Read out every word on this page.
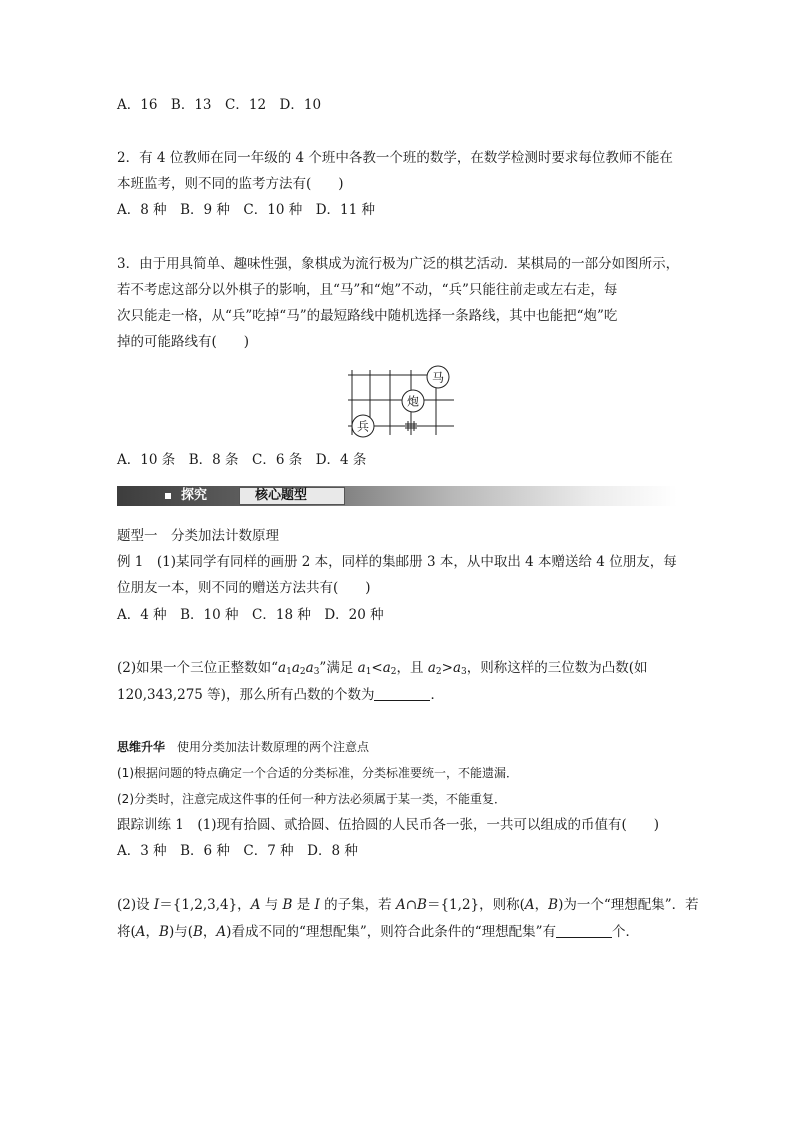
A．16　B．13　C．12　D．10
2．有 4 位教师在同一年级的 4 个班中各教一个班的数学，在数学检测时要求每位教师不能在
本班监考，则不同的监考方法有(　　)
A．8 种　B．9 种　C．10 种　D．11 种
3．由于用具简单、趣味性强，象棋成为流行极为广泛的棋艺活动．某棋局的一部分如图所示，
若不考虑这部分以外棋子的影响，且“马”和“炮”不动，“兵”只能往前走或左右走，每
次只能走一格，从“兵”吃掉“马”的最短路线中随机选择一条路线，其中也能把“炮”吃
掉的可能路线有(　　)
马
炮
兵
A．10 条　B．8 条　C．6 条　D．4 条
探究	核心题型
题型一　分类加法计数原理
例 1　(1)某同学有同样的画册 2 本，同样的集邮册 3 本，从中取出 4 本赠送给 4 位朋友，每
位朋友一本，则不同的赠送方法共有(　　)
A．4 种　B．10 种　C．18 种　D．20 种
(2)如果一个三位正整数如“$a_1a_2a_3$”满足 $a_1<a_2$，且 $a_2>a_3$，则称这样的三位数为凸数(如
120,343,275 等)，那么所有凸数的个数为	．
思维升华　 使用分类加法计数原理的两个注意点
(1)根据问题的特点确定一个合适的分类标准，分类标准要统一，不能遗漏．
(2)分类时，注意完成这件事的任何一种方法必须属于某一类，不能重复．
跟踪训练 1　(1)现有拾圆、贰拾圆、伍拾圆的人民币各一张，一共可以组成的币值有(　　)
A．3 种　B．6 种　C．7 种　D．8 种
(2)设 I＝{1,2,3,4}，A 与 B 是 I 的子集，若 A∩B＝{1,2}，则称(A，B)为一个“理想配集”．若
将(A，B)与(B，A)看成不同的“理想配集”，则符合此条件的“理想配集”有	个．
